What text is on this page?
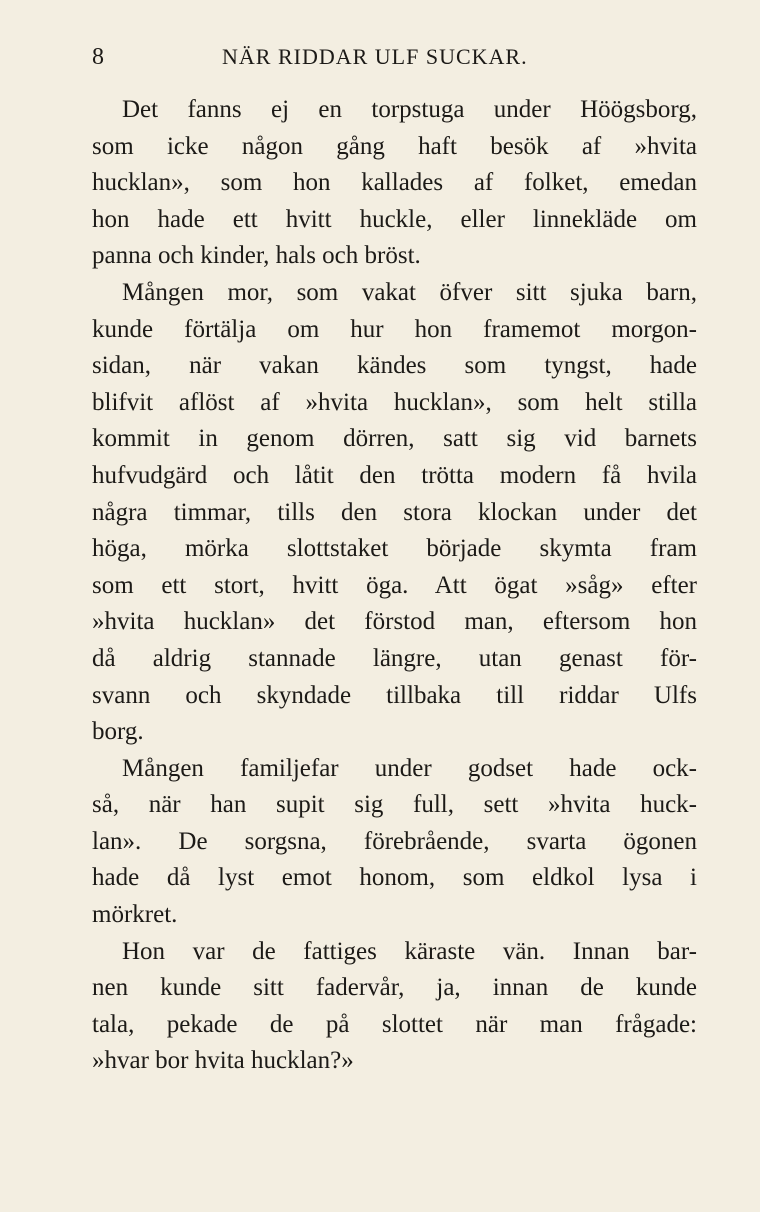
8	NÄR RIDDAR ULF SUCKAR.
Det fanns ej en torpstuga under Höögsborg,
som icke någon gång haft besök af »hvita
hucklan», som hon kallades af folket, emedan
hon hade ett hvitt huckle, eller linnekläde om
panna och kinder, hals och bröst.
Mången mor, som vakat öfver sitt sjuka barn,
kunde förtälja om hur hon framemot morgon-
sidan, när vakan kändes som tyngst, hade
blifvit aflöst af »hvita hucklan», som helt stilla
kommit in genom dörren, satt sig vid barnets
hufvudgärd och låtit den trötta modern få hvila
några timmar, tills den stora klockan under det
höga, mörka slottstaket började skymta fram
som ett stort, hvitt öga. Att ögat »såg» efter
»hvita hucklan» det förstod man, eftersom hon
då aldrig stannade längre, utan genast för-
svann och skyndade tillbaka till riddar Ulfs
borg.
Mången familjefar under godset hade ock-
så, när han supit sig full, sett »hvita huck-
lan». De sorgsna, förebrående, svarta ögonen
hade då lyst emot honom, som eldkol lysa i
mörkret.
Hon var de fattiges käraste vän. Innan bar-
nen kunde sitt fadervår, ja, innan de kunde
tala, pekade de på slottet när man frågade:
»hvar bor hvita hucklan?»
